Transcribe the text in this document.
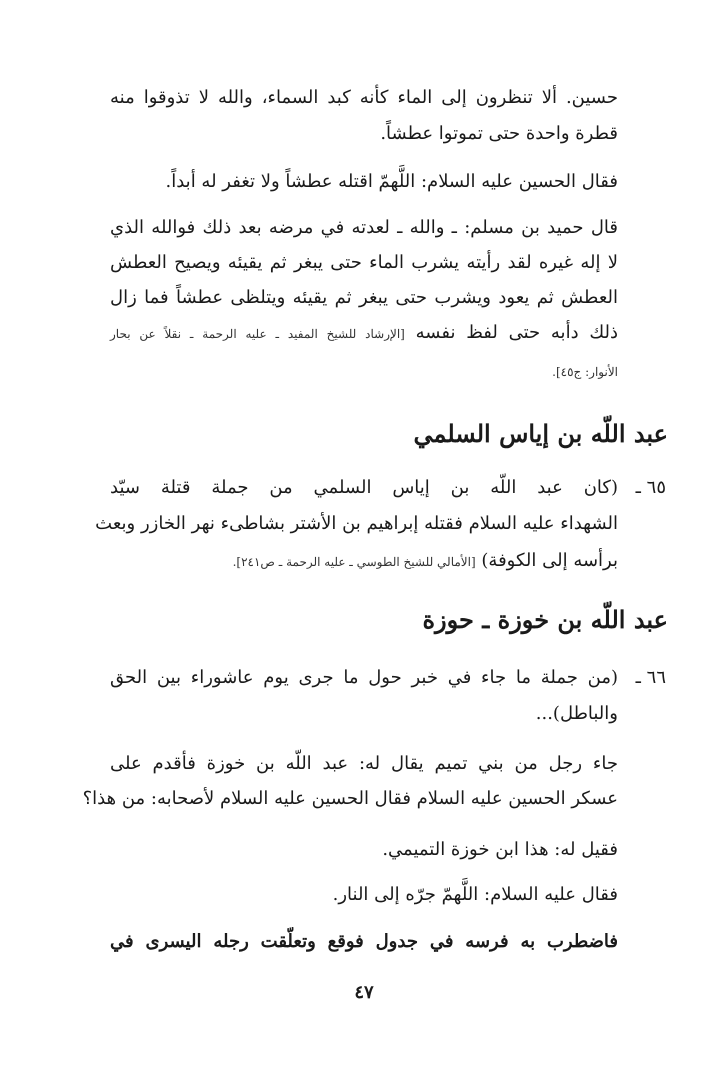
حسين. ألا تنظرون إلى الماء كأنه كبد السماء، والله لا تذوقوا منه
قطرة واحدة حتى تموتوا عطشاً.
فقال الحسين عليه السلام: اللَّهمّ اقتله عطشاً ولا تغفر له أبداً.
قال حميد بن مسلم: ـ والله ـ لعدته في مرضه بعد ذلك فوالله الذي
لا إله غيره لقد رأيته يشرب الماء حتى يبغر ثم يقيئه ويصيح العطش
العطش ثم يعود ويشرب حتى يبغر ثم يقيئه ويتلظى عطشاً فما زال
ذلك دأبه حتى لفظ نفسه [الإرشاد للشيخ المفيد ـ عليه الرحمة ـ نقلاً عن بحار
الأنوار: ج٤٥].
عبد اللّه بن إياس السلمي
٦٥ ـ
(كان عبد اللّه بن إياس السلمي من جملة قتلة سيّد
الشهداء عليه السلام فقتله إبراهيم بن الأشتر بشاطىء نهر الخازر وبعث
برأسه إلى الكوفة) [الأمالي للشيخ الطوسي ـ عليه الرحمة ـ ص٢٤١].
عبد اللّه بن خوزة ـ حوزة
٦٦ ـ
(من جملة ما جاء في خبر حول ما جرى يوم عاشوراء بين الحق
والباطل)...
جاء رجل من بني تميم يقال له: عبد اللّه بن خوزة فأقدم على
عسكر الحسين عليه السلام فقال الحسين عليه السلام لأصحابه: من هذا؟
فقيل له: هذا ابن خوزة التميمي.
فقال عليه السلام: اللَّهمّ جرّه إلى النار.
فاضطرب به فرسه في جدول فوقع وتعلّقت رجله اليسرى في
٤٧
